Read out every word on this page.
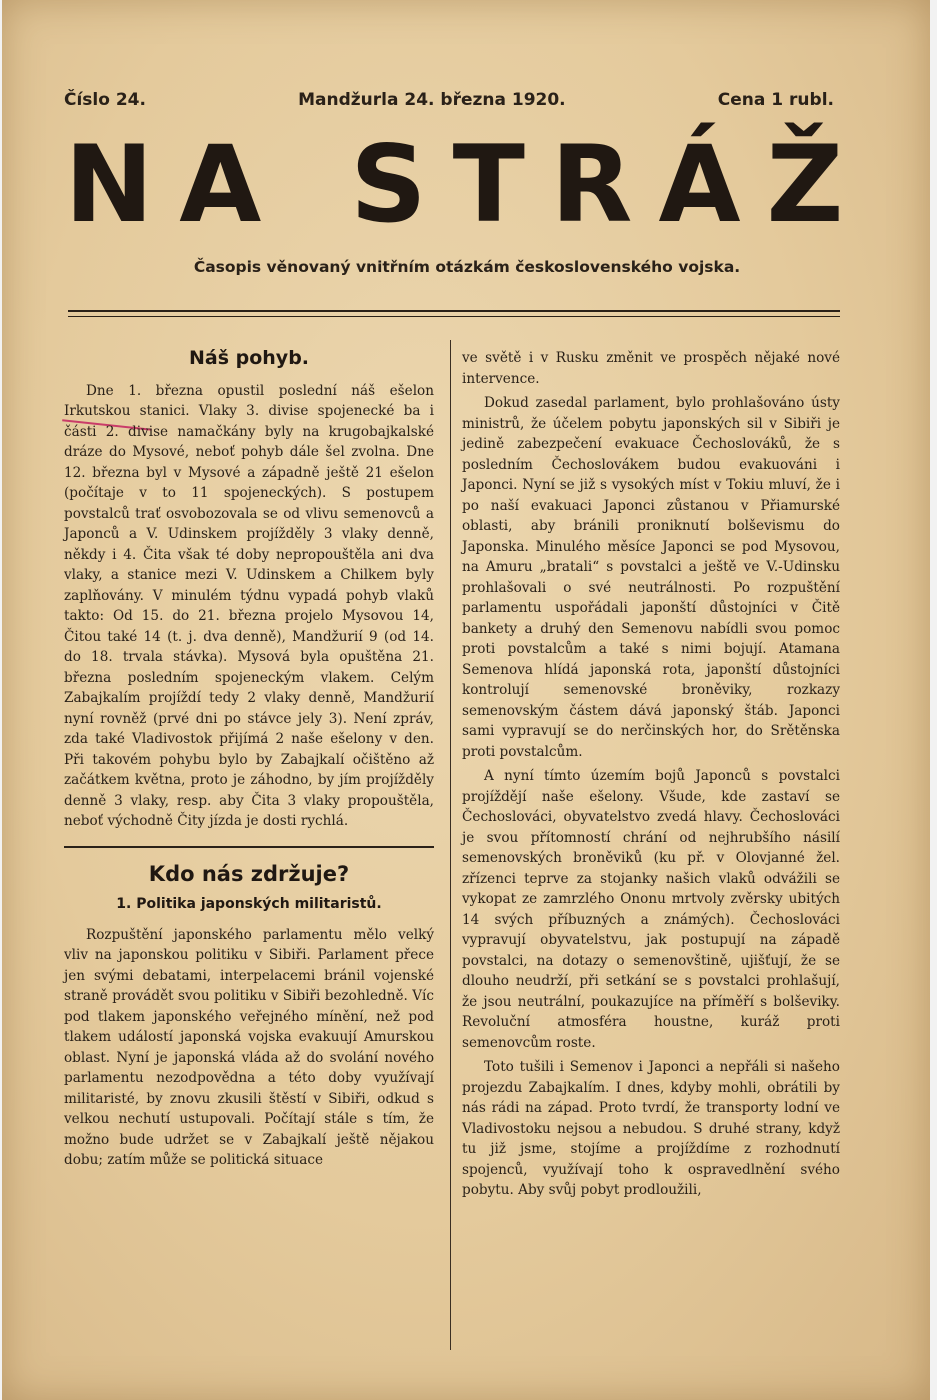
Číslo 24.	Mandžurla 24. března 1920.	Cena 1 rubl.
NA STRÁŽ
Časopis věnovaný vnitřním otázkám československého vojska.
Náš pohyb.

Dne 1. března opustil poslední náš ešelon Irkutskou stanici. Vlaky 3. divise spojenecké ba i části 2. divise namačkány byly na krugobajkalské dráze do Mysové, neboť pohyb dále šel zvolna. Dne 12. března byl v Mysové a západně ještě 21 ešelon (počítaje v to 11 spojeneckých). S postupem povstalců trať osvobozovala se od vlivu semenovců a Japonců a V. Udinskem projížděly 3 vlaky denně, někdy i 4. Čita však té doby nepropouštěla ani dva vlaky, a stanice mezi V. Udinskem a Chilkem byly zaplňovány. V minulém týdnu vypadá pohyb vlaků takto: Od 15. do 21. března projelo Mysovou 14, Čitou také 14 (t. j. dva denně), Mandžurií 9 (od 14. do 18. trvala stávka). Mysová byla opuštěna 21. března posledním spojeneckým vlakem. Celým Zabajkalím projíždí tedy 2 vlaky denně, Mandžurií nyní rovněž (prvé dni po stávce jely 3). Není zpráv, zda také Vladivostok přijímá 2 naše ešelony v den. Při takovém pohybu bylo by Zabajkalí očištěno až začátkem května, proto je záhodno, by jím projížděly denně 3 vlaky, resp. aby Čita 3 vlaky propouštěla, neboť východně Čity jízda je dosti rychlá.

Kdo nás zdržuje?
1. Politika japonských militaristů.

Rozpuštění japonského parlamentu mělo velký vliv na japonskou politiku v Sibiři. Parlament přece jen svými debatami, interpelacemi bránil vojenské straně provádět svou politiku v Sibiři bezohledně. Víc pod tlakem japonského veřejného mínění, než pod tlakem událostí japonská vojska evakuují Amurskou oblast. Nyní je japonská vláda až do svolání nového parlamentu nezodpovědna a této doby využívají militaristé, by znovu zkusili štěstí v Sibiři, odkud s velkou nechutí ustupovali. Počítají stále s tím, že možno bude udržet se v Zabajkalí ještě nějakou dobu; zatím může se politická situace

ve světě i v Rusku změnit ve prospěch nějaké nové intervence.

Dokud zasedal parlament, bylo prohlašováno ústy ministrů, že účelem pobytu japonských sil v Sibiři je jedině zabezpečení evakuace Čechoslováků, že s posledním Čechoslovákem budou evakuováni i Japonci. Nyní se již s vysokých míst v Tokiu mluví, že i po naší evakuaci Japonci zůstanou v Přiamurské oblasti, aby bránili proniknutí bolševismu do Japonska. Minulého měsíce Japonci se pod Mysovou, na Amuru „bratali“ s povstalci a ještě ve V.-Udinsku prohlašovali o své neutrálnosti. Po rozpuštění parlamentu uspořádali japonští důstojníci v Čitě bankety a druhý den Semenovu nabídli svou pomoc proti povstalcům a také s nimi bojují. Atamana Semenova hlídá japonská rota, japonští důstojníci kontrolují semenovské broněviky, rozkazy semenovským částem dává japonský štáb. Japonci sami vypravují se do nerčinských hor, do Srětěnska proti povstalcům.

A nyní tímto územím bojů Japonců s povstalci projíždějí naše ešelony. Všude, kde zastaví se Čechoslováci, obyvatelstvo zvedá hlavy. Čechoslováci je svou přítomností chrání od nejhrubšího násilí semenovských broněviků (ku př. v Olovjanné žel. zřízenci teprve za stojanky našich vlaků odvážili se vykopat ze zamrzlého Ononu mrtvoly zvěrsky ubitých 14 svých příbuzných a známých). Čechoslováci vypravují obyvatelstvu, jak postupují na západě povstalci, na dotazy o semenovštině, ujišťují, že se dlouho neudrží, při setkání se s povstalci prohlašují, že jsou neutrální, poukazujíce na příměří s bolševiky. Revoluční atmosféra houstne, kuráž proti semenovcům roste.

Toto tušili i Semenov i Japonci a nepřáli si našeho projezdu Zabajkalím. I dnes, kdyby mohli, obrátili by nás rádi na západ. Proto tvrdí, že transporty lodní ve Vladivostoku nejsou a nebudou. S druhé strany, když tu již jsme, stojíme a projíždíme z rozhodnutí spojenců, využívají toho k ospravedlnění svého pobytu. Aby svůj pobyt prodloužili,
